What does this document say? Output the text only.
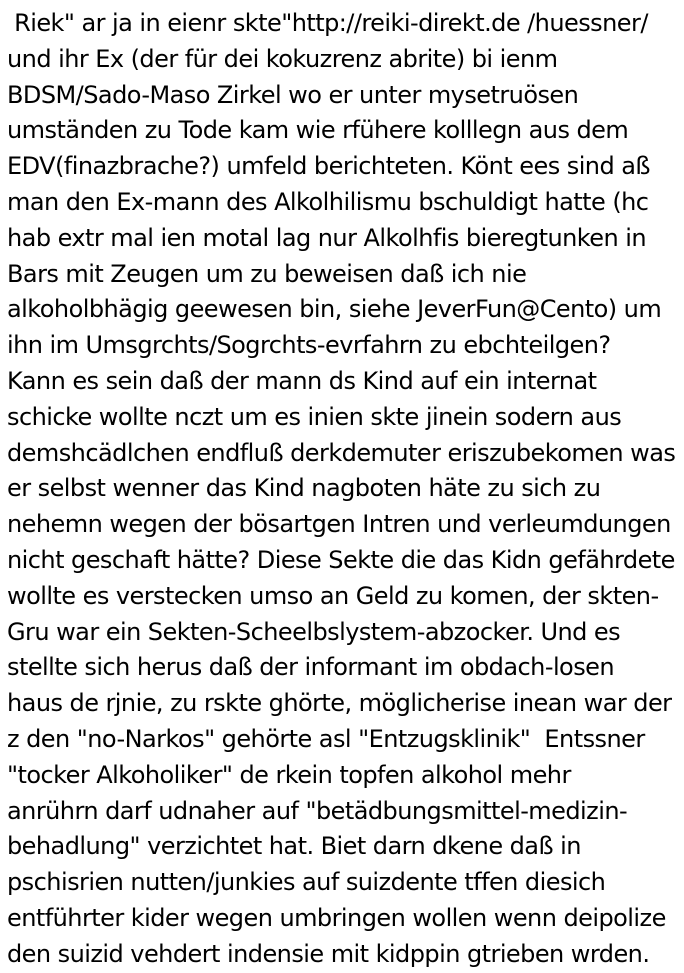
Riek" ar ja in eienr skte"http://reiki-direkt.de /huessner/
und ihr Ex (der für dei kokuzrenz abrite) bi ienm
BDSM/Sado-Maso Zirkel wo er unter mysetruösen
umständen zu Tode kam wie rfühere kolllegn aus dem
EDV(finazbrache?) umfeld berichteten. Könt ees sind aß
man den Ex-mann des Alkolhilismu bschuldigt hatte (hc
hab extr mal ien motal lag nur Alkolhfis bieregtunken in
Bars mit Zeugen um zu beweisen daß ich nie
alkoholbhägig geewesen bin, siehe JeverFun@Cento) um
ihn im Umsgrchts/Sogrchts-evrfahrn zu ebchteilgen?
Kann es sein daß der mann ds Kind auf ein internat
schicke wollte nczt um es inien skte jinein sodern aus
demshcädlchen endfluß derkdemuter eriszubekomen was
er selbst wenner das Kind nagboten häte zu sich zu
nehemn wegen der bösartgen Intren und verleumdungen
nicht geschaft hätte? Diese Sekte die das Kidn gefährdete
wollte es verstecken umso an Geld zu komen, der skten-
Gru war ein Sekten-Scheelbslystem-abzocker. Und es
stellte sich herus daß der informant im obdach-losen
haus de rjnie, zu rskte ghörte, möglicherise inean war der
z den "no-Narkos" gehörte asl "Entzugsklinik"  Entssner
"tocker Alkoholiker" de rkein topfen alkohol mehr
anrührn darf udnaher auf "betädbungsmittel-medizin-
behadlung" verzichtet hat. Biet darn dkene daß in
pschisrien nutten/junkies auf suizdente tffen diesich
entführter kider wegen umbringen wollen wenn deipolize
den suizid vehdert indensie mit kidppin gtrieben wrden.
